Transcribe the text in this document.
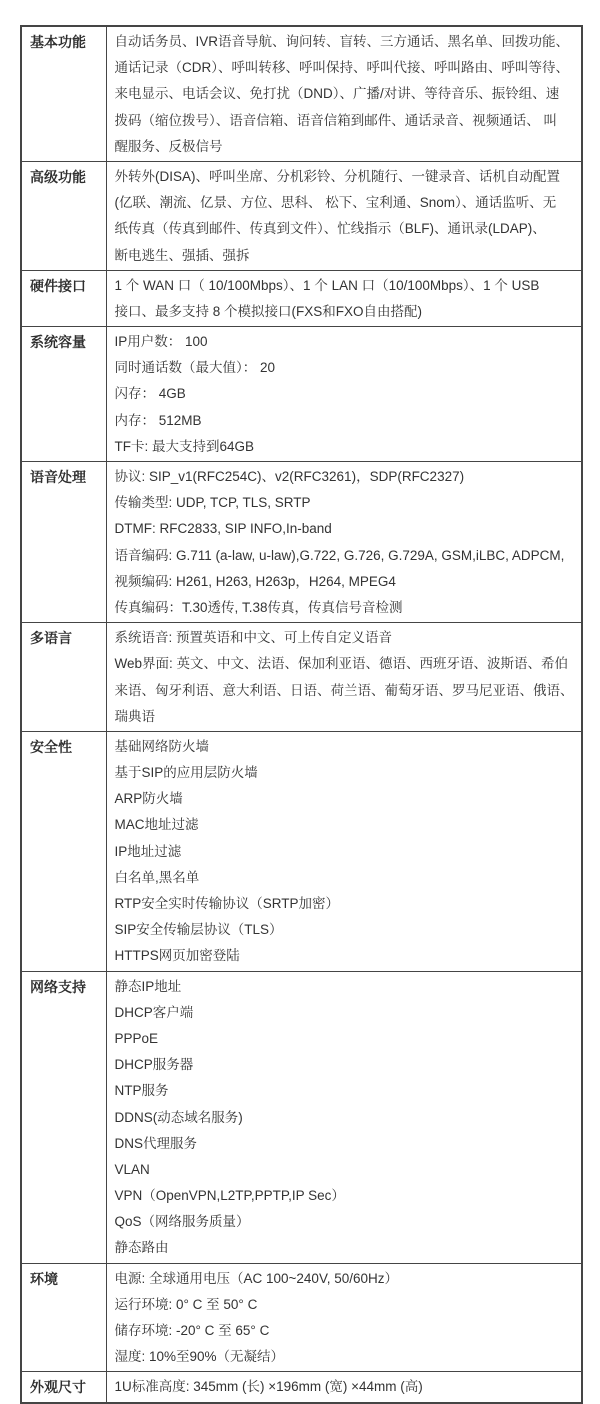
基本功能	自动话务员、IVR语音导航、询问转、盲转、三方通话、黑名单、回拨功能、
通话记录（CDR）、呼叫转移、呼叫保持、呼叫代接、呼叫路由、呼叫等待、
来电显示、电话会议、免打扰（DND）、广播/对讲、等待音乐、振铃组、速
拨码（缩位拨号）、语音信箱、语音信箱到邮件、通话录音、视频通话、 叫
醒服务、反极信号

高级功能	外转外(DISA)、呼叫坐席、分机彩铃、分机随行、一键录音、话机自动配置
(亿联、潮流、亿景、方位、思科、 松下、宝利通、Snom）、通话监听、无
纸传真（传真到邮件、传真到文件）、忙线指示（BLF)、通讯录(LDAP)、
断电逃生、强插、强拆

硬件接口	1 个 WAN 口（ 10/100Mbps）、1 个 LAN 口（10/100Mbps）、1 个 USB
接口、最多支持 8 个模拟接口(FXS和FXO自由搭配)

系统容量	IP用户数： 100
同时通话数（最大值）： 20
闪存： 4GB
内存： 512MB
TF卡: 最大支持到64GB

语音处理	协议: SIP_v1(RFC254C)、v2(RFC3261)，SDP(RFC2327)
传输类型: UDP, TCP, TLS, SRTP
DTMF: RFC2833, SIP INFO,In-band
语音编码: G.711 (a-law, u-law),G.722, G.726, G.729A, GSM,iLBC, ADPCM,
视频编码: H261, H263, H263p，H264, MPEG4
传真编码：T.30透传, T.38传真，传真信号音检测

多语言	系统语音: 预置英语和中文、可上传自定义语音
Web界面: 英文、中文、法语、保加利亚语、德语、西班牙语、波斯语、希伯
来语、匈牙利语、意大利语、日语、荷兰语、葡萄牙语、罗马尼亚语、俄语、
瑞典语

安全性	基础网络防火墙
基于SIP的应用层防火墙
ARP防火墙
MAC地址过滤
IP地址过滤
白名单,黑名单
RTP安全实时传输协议（SRTP加密）
SIP安全传输层协议（TLS）
HTTPS网页加密登陆

网络支持	静态IP地址
DHCP客户端
PPPoE
DHCP服务器
NTP服务
DDNS(动态域名服务)
DNS代理服务
VLAN
VPN（OpenVPN,L2TP,PPTP,IP Sec）
QoS（网络服务质量）
静态路由

环境	电源: 全球通用电压（AC 100~240V, 50/60Hz）
运行环境: 0° C 至 50° C
储存环境: -20° C 至 65° C
湿度: 10%至90%（无凝结）

外观尺寸	1U标准高度: 345mm (长) ×196mm (宽) ×44mm (高)
